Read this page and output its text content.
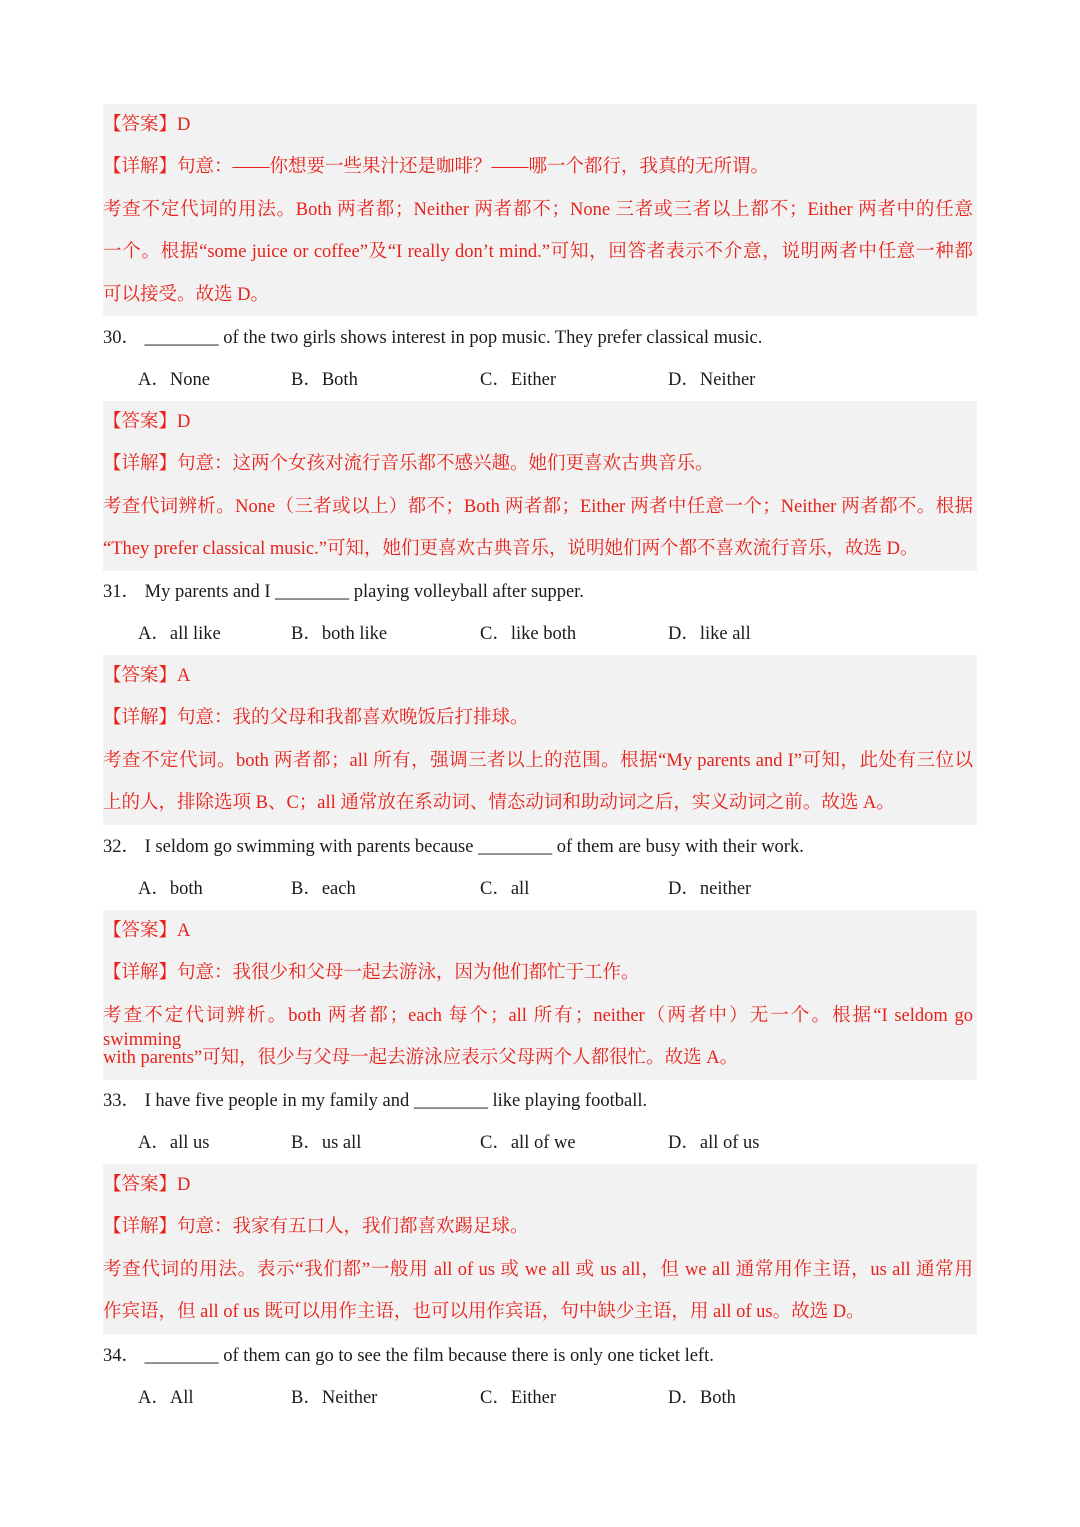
【答案】D
【详解】句意：——你想要一些果汁还是咖啡？——哪一个都行，我真的无所谓。
考查不定代词的用法。Both 两者都；Neither 两者都不；None 三者或三者以上都不；Either 两者中的任意
一个。根据“some juice or coffee”及“I really don’t mind.”可知，回答者表示不介意，说明两者中任意一种都
可以接受。故选 D。
30． ________ of the two girls shows interest in pop music. They prefer classical music.
A．None	B．Both	C．Either	D．Neither
【答案】D
【详解】句意：这两个女孩对流行音乐都不感兴趣。她们更喜欢古典音乐。
考查代词辨析。None（三者或以上）都不；Both 两者都；Either 两者中任意一个；Neither 两者都不。根据
“They prefer classical music.”可知，她们更喜欢古典音乐，说明她们两个都不喜欢流行音乐，故选 D。
31． My parents and I ________ playing volleyball after supper.
A．all like	B．both like	C．like both	D．like all
【答案】A
【详解】句意：我的父母和我都喜欢晚饭后打排球。
考查不定代词。both 两者都；all 所有，强调三者以上的范围。根据“My parents and I”可知，此处有三位以
上的人，排除选项 B、C；all 通常放在系动词、情态动词和助动词之后，实义动词之前。故选 A。
32． I seldom go swimming with parents because ________ of them are busy with their work.
A．both	B．each	C．all	D．neither
【答案】A
【详解】句意：我很少和父母一起去游泳，因为他们都忙于工作。
考查不定代词辨析。both 两者都；each 每个；all 所有；neither（两者中）无一个。根据“I seldom go swimming
with parents”可知，很少与父母一起去游泳应表示父母两个人都很忙。故选 A。
33． I have five people in my family and ________ like playing football.
A．all us	B．us all	C．all of we	D．all of us
【答案】D
【详解】句意：我家有五口人，我们都喜欢踢足球。
考查代词的用法。表示“我们都”一般用 all of us 或 we all 或 us all，但 we all 通常用作主语，us all 通常用
作宾语，但 all of us 既可以用作主语，也可以用作宾语，句中缺少主语，用 all of us。故选 D。
34． ________ of them can go to see the film because there is only one ticket left.
A．All	B．Neither	C．Either	D．Both
